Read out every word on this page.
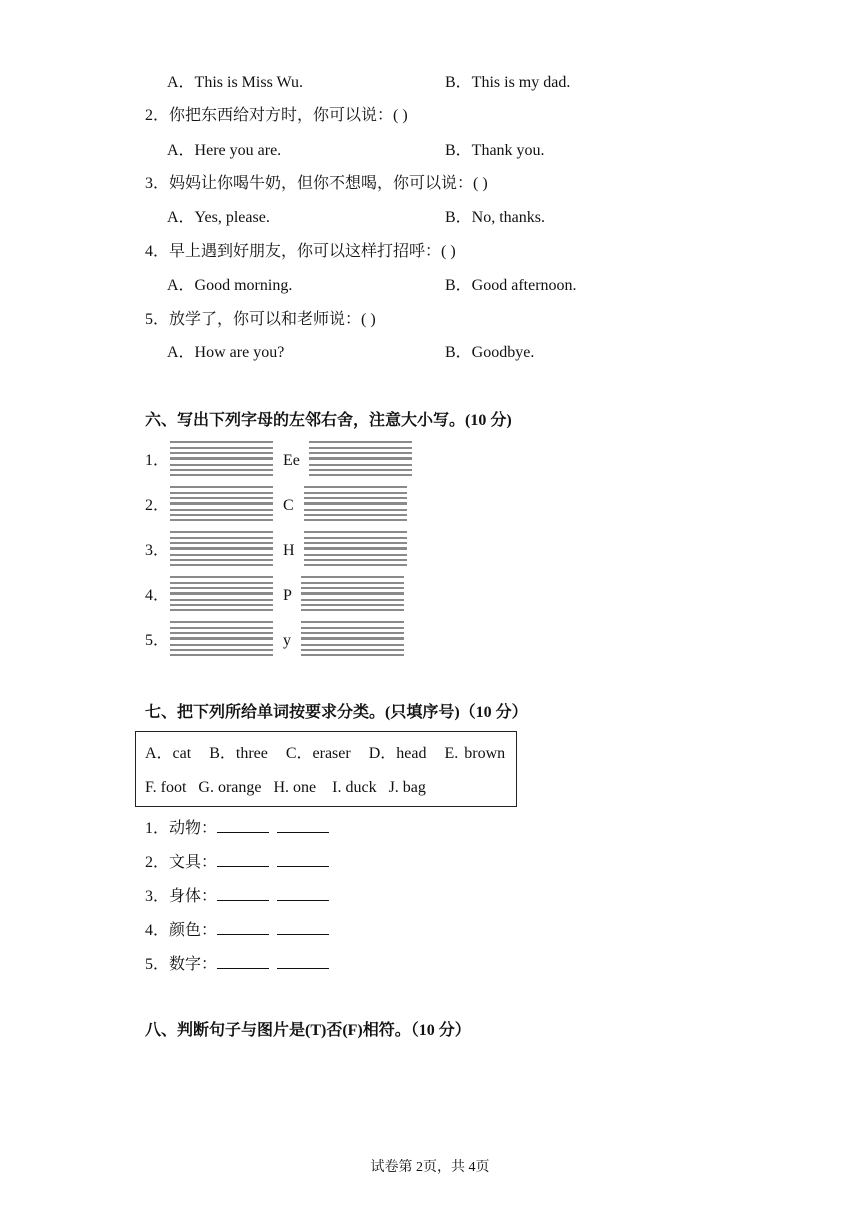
A．This is Miss Wu.	B．This is my dad.
2．你把东西给对方时，你可以说：( )
A．Here you are.	B．Thank you.
3．妈妈让你喝牛奶，但你不想喝，你可以说：( )
A．Yes, please.	B．No, thanks.
4．早上遇到好朋友，你可以这样打招呼：( )
A．Good morning.	B．Good afternoon.
5．放学了，你可以和老师说：( )
A．How are you?	B．Goodbye.
六、写出下列字母的左邻右舍，注意大小写。(10 分)
1．	Ee
2．	C
3．	H
4．	P
5．	y
七、把下列所给单词按要求分类。(只填序号)（10 分）
A．cat   B．three   C．eraser   D．head   E. brown
F. foot   G. orange   H. one    I. duck   J. bag
1．动物：
2．文具：
3．身体：
4．颜色：
5．数字：
八、判断句子与图片是(T)否(F)相符。（10 分）
试卷第 2页，共 4页
